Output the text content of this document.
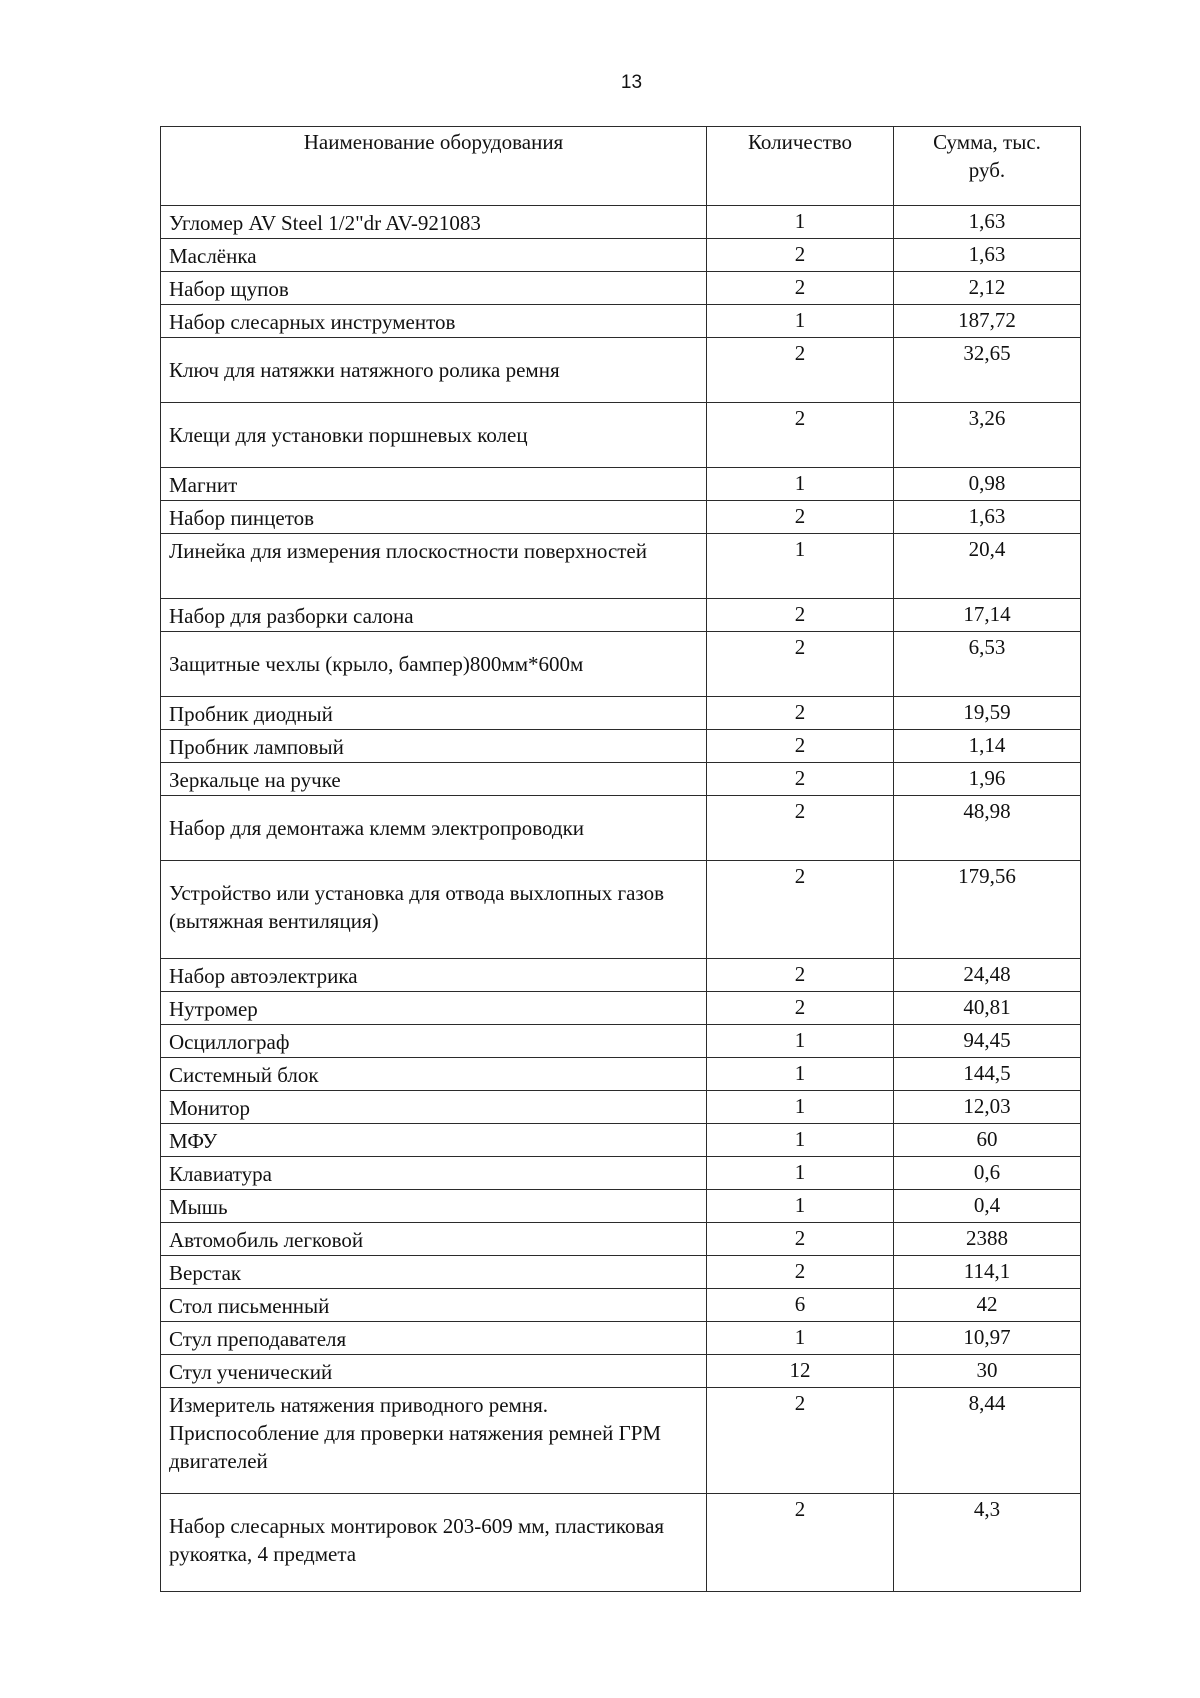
13
Наименование оборудования	Количество	Сумма, тыс. руб.

Угломер AV Steel 1/2"dr AV-921083	1	1,63
Маслёнка	2	1,63
Набор щупов	2	2,12
Набор слесарных инструментов	1	187,72
Ключ для натяжки натяжного ролика ремня	2	32,65
Клещи для установки поршневых колец	2	3,26
Магнит	1	0,98
Набор пинцетов	2	1,63
Линейка для измерения плоскостности поверхностей	1	20,4
Набор для разборки салона	2	17,14
Защитные чехлы (крыло, бампер)800мм*600м	2	6,53
Пробник диодный	2	19,59
Пробник ламповый	2	1,14
Зеркальце на ручке	2	1,96
Набор для демонтажа клемм электропроводки	2	48,98
Устройство или установка для отвода выхлопных газов (вытяжная вентиляция)	2	179,56
Набор автоэлектрика	2	24,48
Нутромер	2	40,81
Осциллограф	1	94,45
Системный блок	1	144,5
Монитор	1	12,03
МФУ	1	60
Клавиатура	1	0,6
Мышь	1	0,4
Автомобиль легковой	2	2388
Верстак	2	114,1
Стол письменный	6	42
Стул преподавателя	1	10,97
Стул ученический	12	30
Измеритель натяжения приводного ремня. Приспособление для проверки натяжения ремней ГРМ двигателей	2	8,44
Набор слесарных монтировок 203-609 мм, пластиковая рукоятка, 4 предмета	2	4,3
